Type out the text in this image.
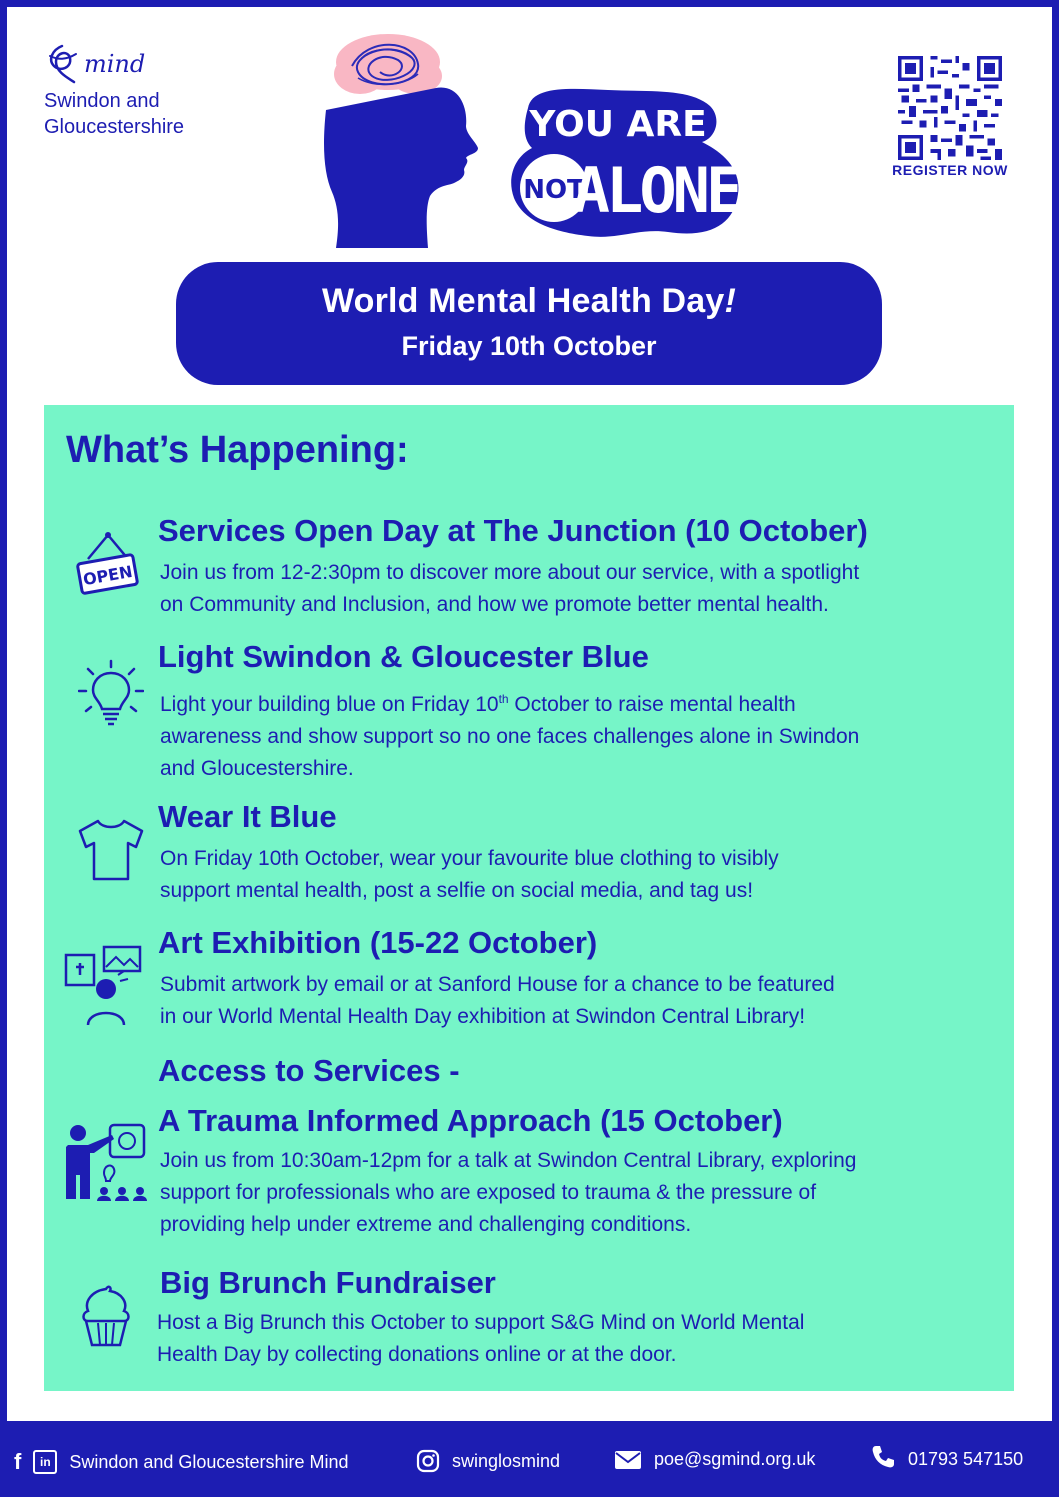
mind
Swindon and
Gloucestershire	YOU ARE
NOT
ALONE	REGISTER NOW
World Mental Health Day!
Friday 10th October
What’s Happening:
OPEN
Services Open Day at The Junction (10 October)

Join us from 12-2:30pm to discover more about our service, with a spotlight
on Community and Inclusion, and how we promote better mental health.

Light Swindon & Gloucester Blue

Light your building blue on Friday 10th October to raise mental health
awareness and show support so no one faces challenges alone in Swindon
and Gloucestershire.

Wear It Blue

On Friday 10th October, wear your favourite blue clothing to visibly
support mental health, post a selfie on social media, and tag us!

Art Exhibition (15-22 October)

Submit artwork by email or at Sanford House for a chance to be featured
in our World Mental Health Day exhibition at Swindon Central Library!

Access to Services -
A Trauma Informed Approach (15 October)

Join us from 10:30am-12pm for a talk at Swindon Central Library, exploring
support for professionals who are exposed to trauma & the pressure of
providing help under extreme and challenging conditions.

Big Brunch Fundraiser

Host a Big Brunch this October to support S&G Mind on World Mental
Health Day by collecting donations online or at the door.

f	in	Swindon and Gloucestershire Mind	swinglosmind	poe@sgmind.org.uk	01793 547150
